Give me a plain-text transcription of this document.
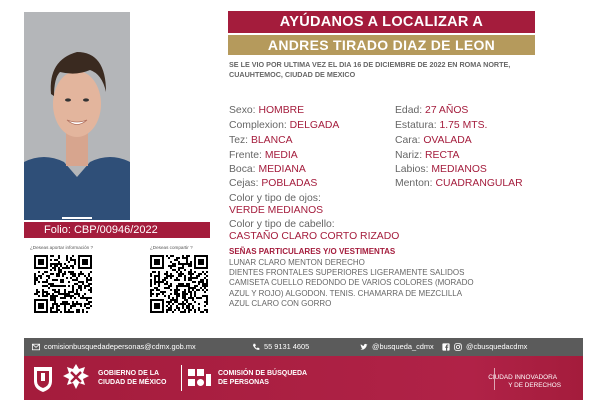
Folio: CBP/00946/2022
¿Deseas aportar información ?	¿Deseas compartir ?
AYÚDANOS A LOCALIZAR A
ANDRES TIRADO DIAZ DE LEON
SE LE VIO POR ULTIMA VEZ EL DIA 16 DE DICIEMBRE DE 2022 EN ROMA NORTE, CUAUHTEMOC, CIUDAD DE MEXICO
Sexo: HOMBRE
Complexion: DELGADA
Tez: BLANCA
Frente: MEDIA
Boca: MEDIANA
Cejas: POBLADAS
Edad: 27 AÑOS
Estatura: 1.75 MTS.
Cara: OVALADA
Nariz: RECTA
Labios: MEDIANOS
Menton: CUADRANGULAR
Color y tipo de ojos:
VERDE MEDIANOS
Color y tipo de cabello:
CASTAÑO CLARO CORTO RIZADO
SEÑAS PARTICULARES Y/O VESTIMENTAS
LUNAR CLARO MENTON DERECHO
DIENTES FRONTALES SUPERIORES LIGERAMENTE SALIDOS
CAMISETA CUELLO REDONDO DE VARIOS COLORES (MORADO
AZUL Y ROJO) ALGODON. TENIS. CHAMARRA DE MEZCLILLA
AZUL CLARO CON GORRO
comisionbusquedadepersonas@cdmx.gob.mx	55 9131 4605	@busqueda_cdmx	@cbusquedacdmx
GOBIERNO DE LA
CIUDAD DE MÉXICO
COMISIÓN DE BÚSQUEDA
DE PERSONAS
CIUDAD INNOVADORA
Y DE DERECHOS
